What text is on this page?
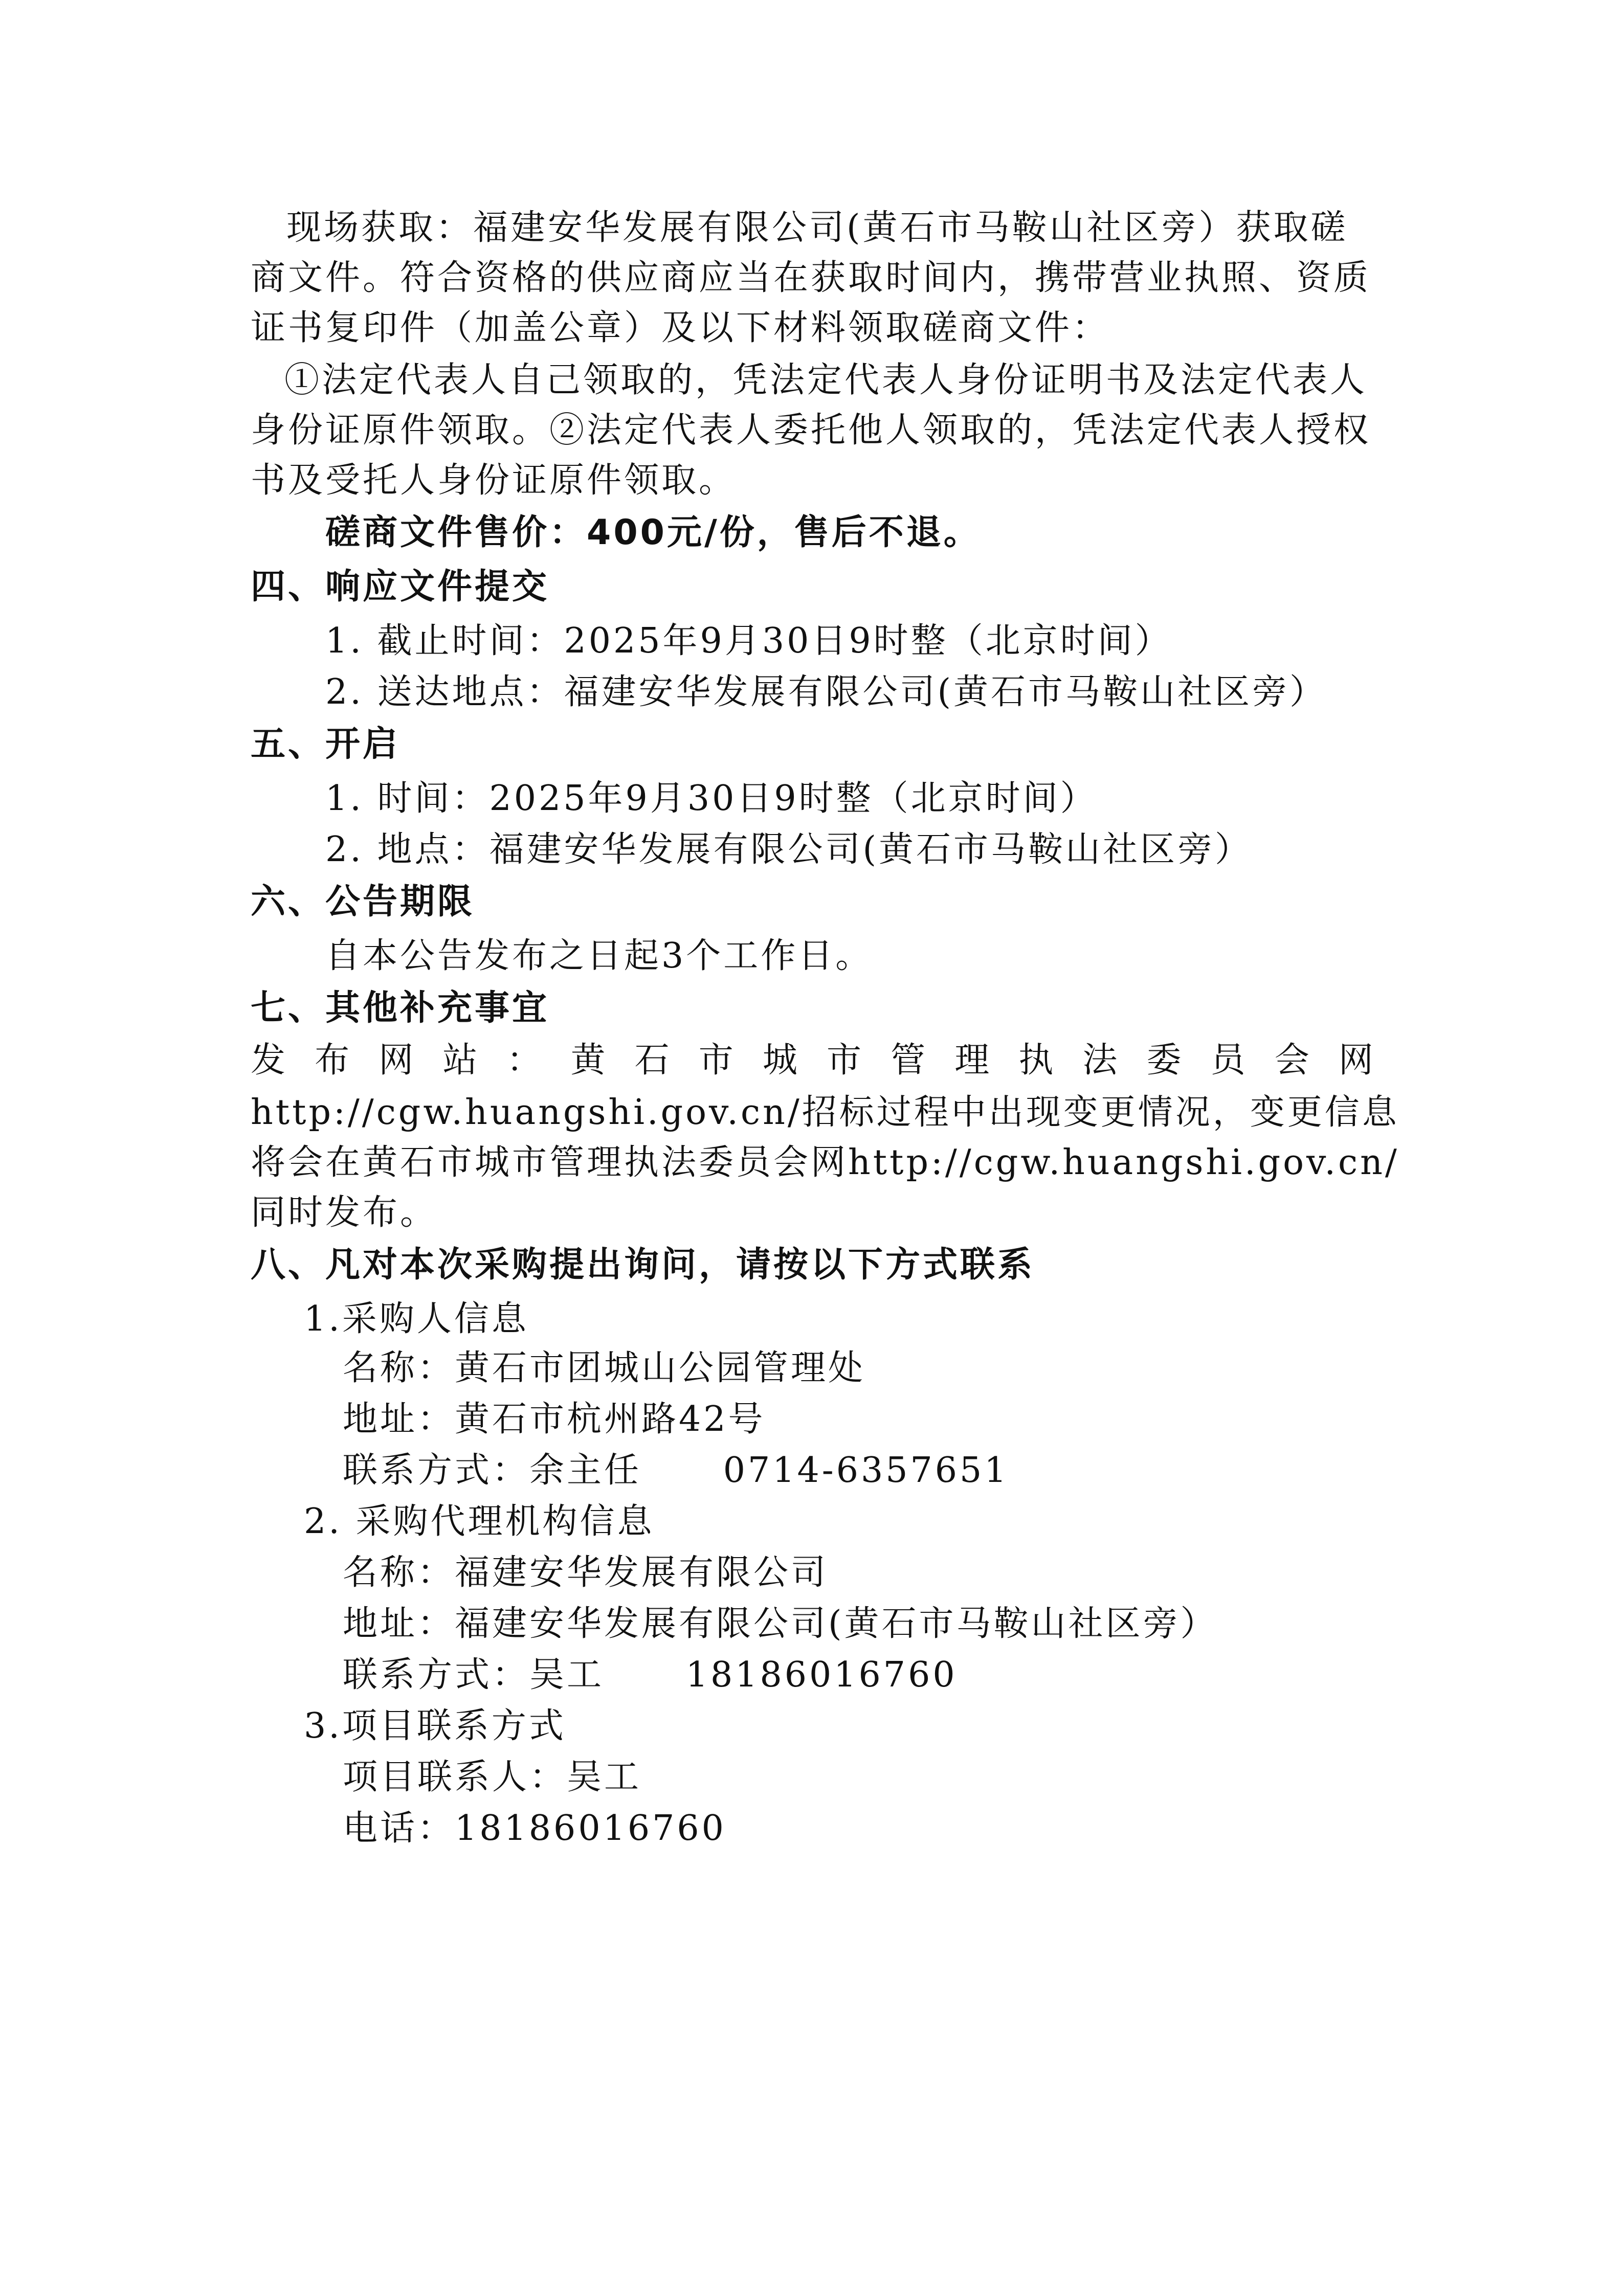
现场获取：福建安华发展有限公司(黄石市马鞍山社区旁）获取磋

商文件。符合资格的供应商应当在获取时间内，携带营业执照、资质

证书复印件（加盖公章）及以下材料领取磋商文件：

①法定代表人自己领取的，凭法定代表人身份证明书及法定代表人

身份证原件领取。②法定代表人委托他人领取的，凭法定代表人授权

书及受托人身份证原件领取。

磋商文件售价：400元/份，售后不退。

四、响应文件提交

1. 截止时间：2025年9月30日9时整（北京时间）

2. 送达地点：福建安华发展有限公司(黄石市马鞍山社区旁）

五、开启

1. 时间：2025年9月30日9时整（北京时间）

2. 地点：福建安华发展有限公司(黄石市马鞍山社区旁）

六、公告期限

自本公告发布之日起3个工作日。

七、其他补充事宜

发 布 网 站 ： 黄 石 市 城 市 管 理 执 法 委 员 会 网

http://cgw.huangshi.gov.cn/招标过程中出现变更情况，变更信息

将会在黄石市城市管理执法委员会网http://cgw.huangshi.gov.cn/

同时发布。

八、凡对本次采购提出询问，请按以下方式联系

1.采购人信息

名称：黄石市团城山公园管理处

地址：黄石市杭州路42号

联系方式：余主任      0714-6357651

2. 采购代理机构信息

名称：福建安华发展有限公司

地址：福建安华发展有限公司(黄石市马鞍山社区旁）

联系方式：吴工      18186016760

3.项目联系方式

项目联系人：吴工

电话：18186016760
